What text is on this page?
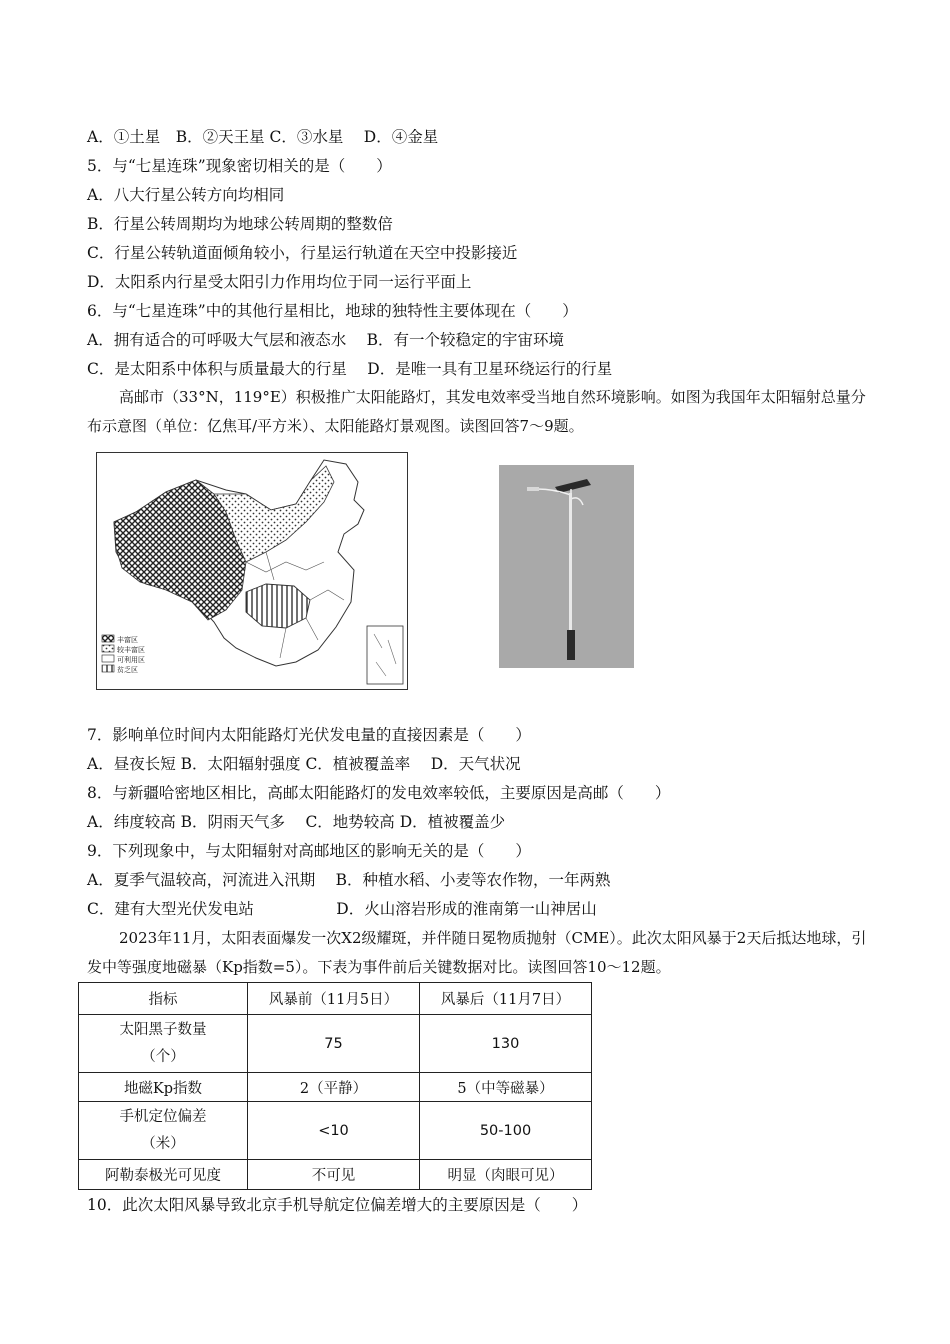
A．①土星　B．②天王星 C．③水星　 D．④金星
5．与“七星连珠”现象密切相关的是（　　）
A．八大行星公转方向均相同
B．行星公转周期均为地球公转周期的整数倍
C．行星公转轨道面倾角较小，行星运行轨道在天空中投影接近
D．太阳系内行星受太阳引力作用均位于同一运行平面上
6．与“七星连珠”中的其他行星相比，地球的独特性主要体现在（　　）
A．拥有适合的可呼吸大气层和液态水　 B．有一个较稳定的宇宙环境
C．是太阳系中体积与质量最大的行星　 D．是唯一具有卫星环绕运行的行星
高邮市（33°N，119°E）积极推广太阳能路灯，其发电效率受当地自然环境影响。如图为我国年太阳辐射总量分布示意图（单位：亿焦耳/平方米）、太阳能路灯景观图。读图回答7～9题。
丰富区
较丰富区
可利用区
贫乏区
7．影响单位时间内太阳能路灯光伏发电量的直接因素是（　　）
A．昼夜长短 B．太阳辐射强度 C．植被覆盖率　 D．天气状况
8．与新疆哈密地区相比，高邮太阳能路灯的发电效率较低，主要原因是高邮（　　）
A．纬度较高 B．阴雨天气多　 C．地势较高 D．植被覆盖少
9．下列现象中，与太阳辐射对高邮地区的影响无关的是（　　）
A．夏季气温较高，河流进入汛期　 B．种植水稻、小麦等农作物，一年两熟
C．建有大型光伏发电站　　　　　 D．火山溶岩形成的淮南第一山神居山
2023年11月，太阳表面爆发一次X2级耀斑，并伴随日冕物质抛射（CME）。此次太阳风暴于2天后抵达地球，引发中等强度地磁暴（Kp指数=5）。下表为事件前后关键数据对比。读图回答10～12题。
指标	风暴前（11月5日）	风暴后（11月7日）
太阳黑子数量
（个）	75	130
地磁Kp指数	2（平静）	5（中等磁暴）
手机定位偏差
（米）	<10	50-100
阿勒泰极光可见度	不可见	明显（肉眼可见）
10．此次太阳风暴导致北京手机导航定位偏差增大的主要原因是（　　）
